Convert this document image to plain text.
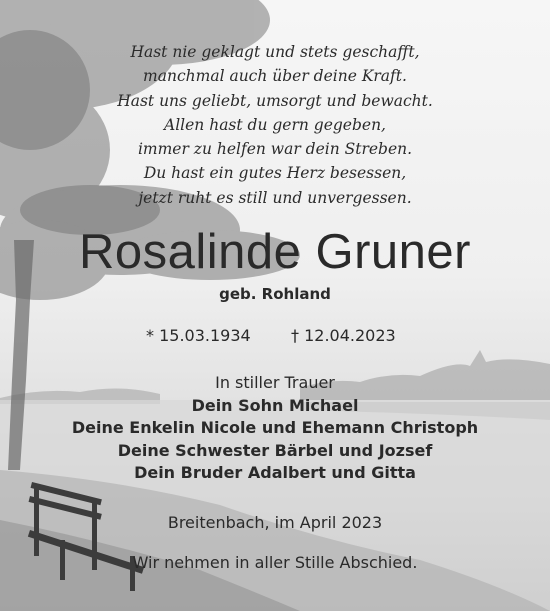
Hast nie geklagt und stets geschafft,
manchmal auch über deine Kraft.
Hast uns geliebt, umsorgt und bewacht.
Allen hast du gern gegeben,
immer zu helfen war dein Streben.
Du hast ein gutes Herz besessen,
jetzt ruht es still und unvergessen.
Rosalinde Gruner
geb. Rohland
* 15.03.1934	† 12.04.2023
In stiller Trauer
Dein Sohn Michael
Deine Enkelin Nicole und Ehemann Christoph
Deine Schwester Bärbel und Jozsef
Dein Bruder Adalbert und Gitta
Breitenbach, im April 2023
Wir nehmen in aller Stille Abschied.
